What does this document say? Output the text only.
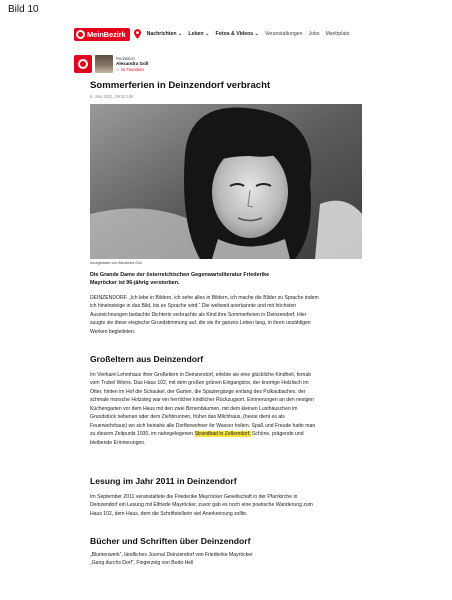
Bild 10
MeinBezirk	Nachrichten ⌄ Leben ⌄ Fotos & Videos ⌄ Veranstaltungen Jobs Marktplatz
Redaktion
Alexandra Goll
☆ zu Favoriten
Sommerferien in Deinzendorf verbracht
6. Juni 2021, 09:32 Uhr
hochgeladen von Alexandra Goll
Die Grande Dame der österreichischen Gegenwartsliteratur Friederike
Mayröcker ist 96-jährig verstorben.
DEINZENDORF. „Ich lebe in Bildern, ich sehe alles in Bildern, ich mache die Bilder zu Sprache indem ich hineinsteige in das Bild, bis es Sprache wird.“ Die weltweit anerkannte und mit höchsten Auszeichnungen bedachte Dichterin verbrachte als Kind ihre Sommerferien in Deinzendorf. Hier suugte sie diese elegische Grundstimmung auf, die sie ihr ganzes Leben lang, in ihren unzähligen Werken begleiteten.
Großeltern aus Deinzendorf
Im Vierkant-Lehmhaus ihrer Großeltern in Deinzendorf, erlebte sie eine glückliche Kindheit, fernab vom Trubel Wiens. Das Haus 102, mit dem großen grünen Eingangstor, der knorrige Holzlisch im Otter, hinten im Hof die Schaukel, der Garten, die Spaziergänge entlang des Pulkaubaches, der schmale morsche Holzsteg war ein herrlicher kindlicher Rückzugsort. Erinnerungen an den riesigen Küchengarten vor dem Haus mit den zwei Birnenbäumen, mit dem kleinen Lusthäuschen im Grundstück nebenan oder dem Ziehbrunnen, früher das Milchhaus, (heute dient es als Feuerwehrhaus) wo sich beinahe alle Dorfbewohner ihr Wasser holten. Spaß und Freude hatte man zu diesem Zeitpunkt 1930, im nahegelegenen Strandbad in Zellerndorf. Schöne, prägende und bleibende Erinnerungen.
Lesung im Jahr 2011 in Deinzendorf
Im September 2011 veranstaltete die Friederike Mayröcker Gesellschaft in der Pfarrkirche in Deinzendorf ein Lesung mit Elfriede Mayröcker, zuvor gab es noch eine poetische Wanderung zum Haus 102, dem Haus, dem die Schriftstellerin viel Anerkennung zollte.
Bücher und Schriften über Deinzendorf
„Blumenwerk“, ländliches Journal Deinzendorf von Friederike Mayröcker
„Gang durchs Dorf“, Fingerzeig von Bodo Hell
